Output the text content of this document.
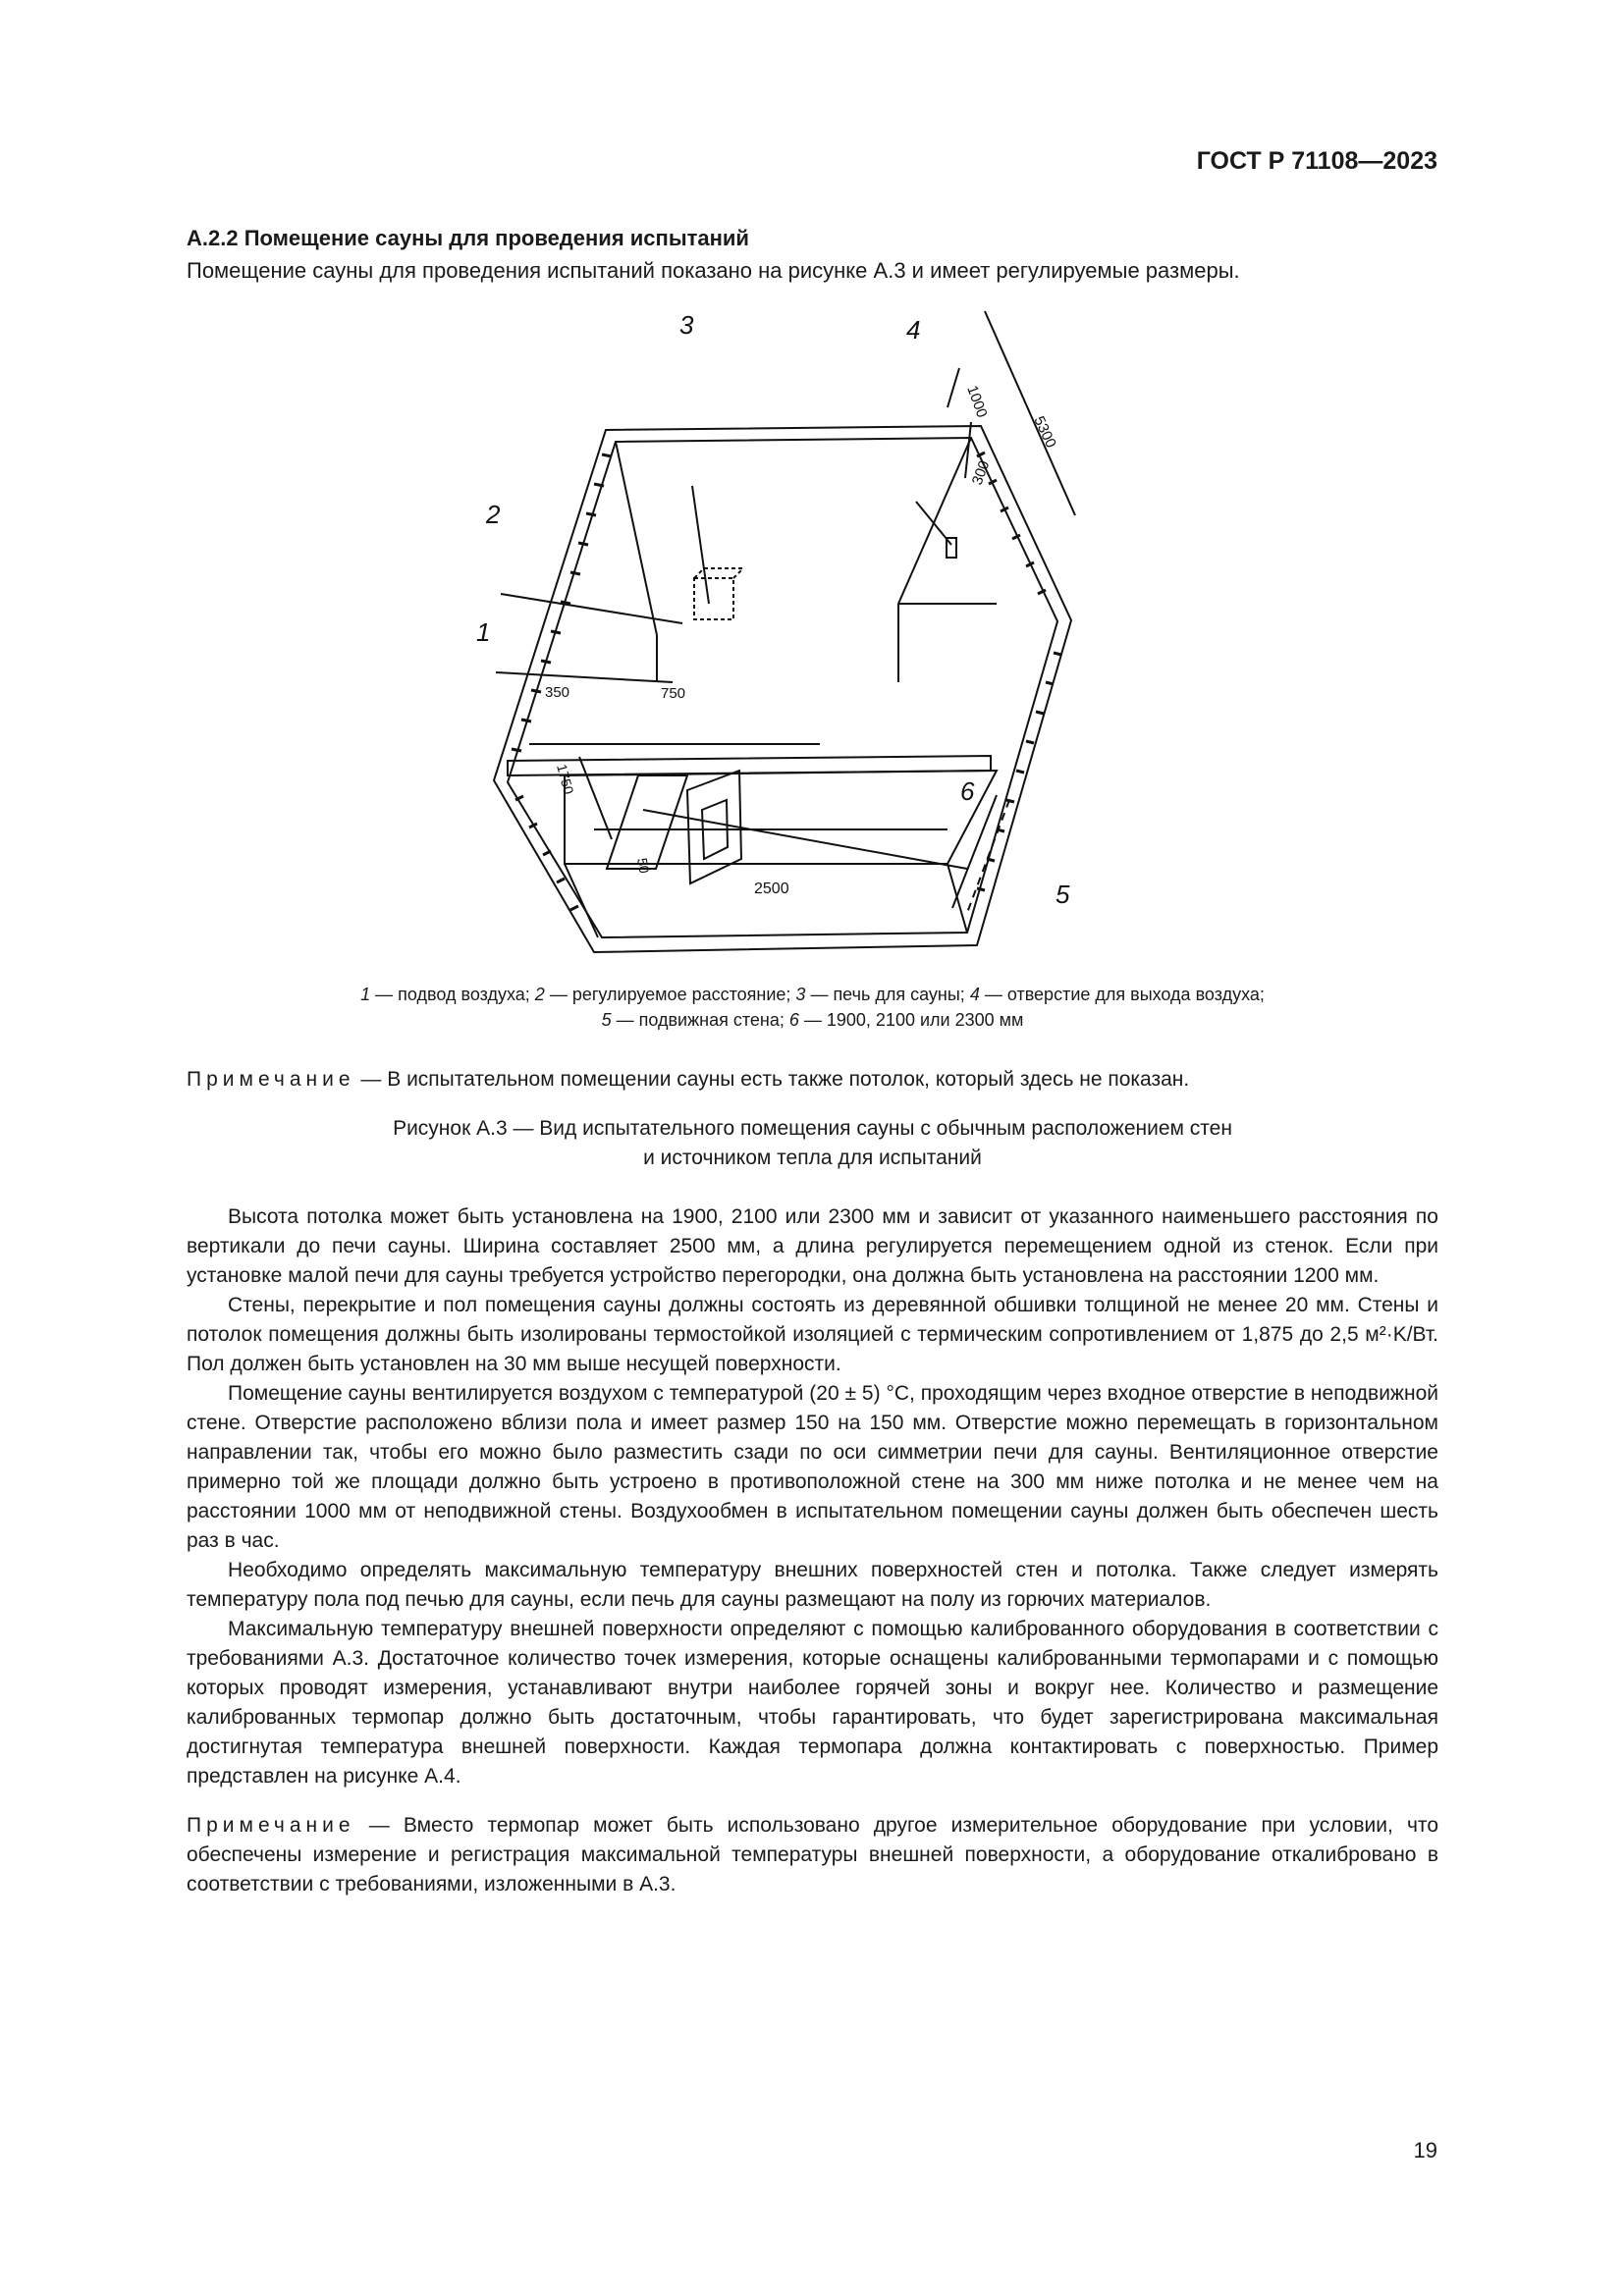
ГОСТ Р 71108—2023
А.2.2 Помещение сауны для проведения испытаний
Помещение сауны для проведения испытаний показано на рисунке А.3 и имеет регулируемые размеры.
3	4
2
1
6
5
350	750
1750
50
2500
1000
300
5300
1 — подвод воздуха; 2 — регулируемое расстояние; 3 — печь для сауны; 4 — отверстие для выхода воздуха;
5 — подвижная стена; 6 — 1900, 2100 или 2300 мм
Примечание — В испытательном помещении сауны есть также потолок, который здесь не показан.
Рисунок А.3 — Вид испытательного помещения сауны с обычным расположением стен
и источником тепла для испытаний

Высота потолка может быть установлена на 1900, 2100 или 2300 мм и зависит от указанного наименьшего расстояния по вертикали до печи сауны. Ширина составляет 2500 мм, а длина регулируется перемещением одной из стенок. Если при установке малой печи для сауны требуется устройство перегородки, она должна быть установлена на расстоянии 1200 мм.

Стены, перекрытие и пол помещения сауны должны состоять из деревянной обшивки толщиной не менее 20 мм. Стены и потолок помещения должны быть изолированы термостойкой изоляцией с термическим сопротивлением от 1,875 до 2,5 м²·K/Вт. Пол должен быть установлен на 30 мм выше несущей поверхности.

Помещение сауны вентилируется воздухом с температурой (20 ± 5) °С, проходящим через входное отверстие в неподвижной стене. Отверстие расположено вблизи пола и имеет размер 150 на 150 мм. Отверстие можно перемещать в горизонтальном направлении так, чтобы его можно было разместить сзади по оси симметрии печи для сауны. Вентиляционное отверстие примерно той же площади должно быть устроено в противоположной стене на 300 мм ниже потолка и не менее чем на расстоянии 1000 мм от неподвижной стены. Воздухообмен в испытательном помещении сауны должен быть обеспечен шесть раз в час.

Необходимо определять максимальную температуру внешних поверхностей стен и потолка. Также следует измерять температуру пола под печью для сауны, если печь для сауны размещают на полу из горючих материалов.

Максимальную температуру внешней поверхности определяют с помощью калиброванного оборудования в соответствии с требованиями А.3. Достаточное количество точек измерения, которые оснащены калиброванными термопарами и с помощью которых проводят измерения, устанавливают внутри наиболее горячей зоны и вокруг нее. Количество и размещение калиброванных термопар должно быть достаточным, чтобы гарантировать, что будет зарегистрирована максимальная достигнутая температура внешней поверхности. Каждая термопара должна контактировать с поверхностью. Пример представлен на рисунке А.4.

Примечание — Вместо термопар может быть использовано другое измерительное оборудование при условии, что обеспечены измерение и регистрация максимальной температуры внешней поверхности, а оборудование откалибровано в соответствии с требованиями, изложенными в А.3.

19
